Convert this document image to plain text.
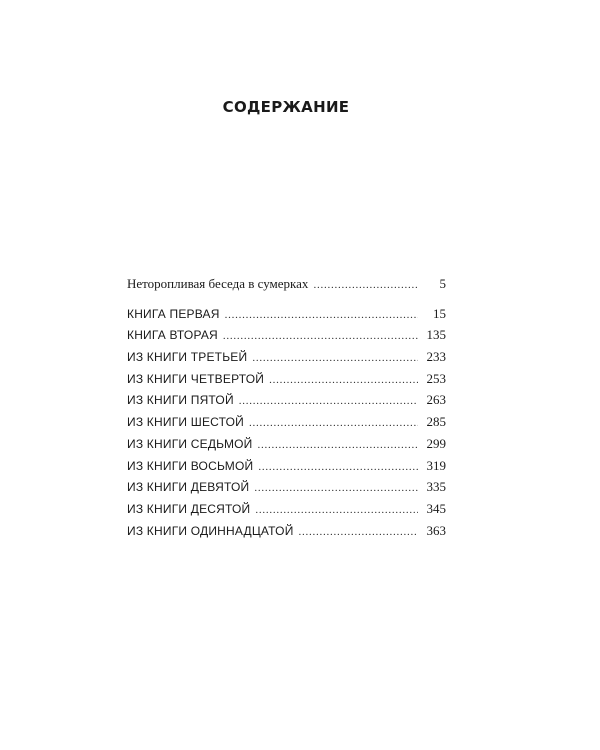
СОДЕРЖАНИЕ
Неторопливая беседа в сумерках . . .	5
КНИГА ПЕРВАЯ . . .	15
КНИГА ВТОРАЯ . . .	135
ИЗ КНИГИ ТРЕТЬЕЙ . . .	233
ИЗ КНИГИ ЧЕТВЕРТОЙ . . .	253
ИЗ КНИГИ ПЯТОЙ . . .	263
ИЗ КНИГИ ШЕСТОЙ . . .	285
ИЗ КНИГИ СЕДЬМОЙ . . .	299
ИЗ КНИГИ ВОСЬМОЙ . . .	319
ИЗ КНИГИ ДЕВЯТОЙ . . .	335
ИЗ КНИГИ ДЕСЯТОЙ . . .	345
ИЗ КНИГИ ОДИННАДЦАТОЙ . . .	363
